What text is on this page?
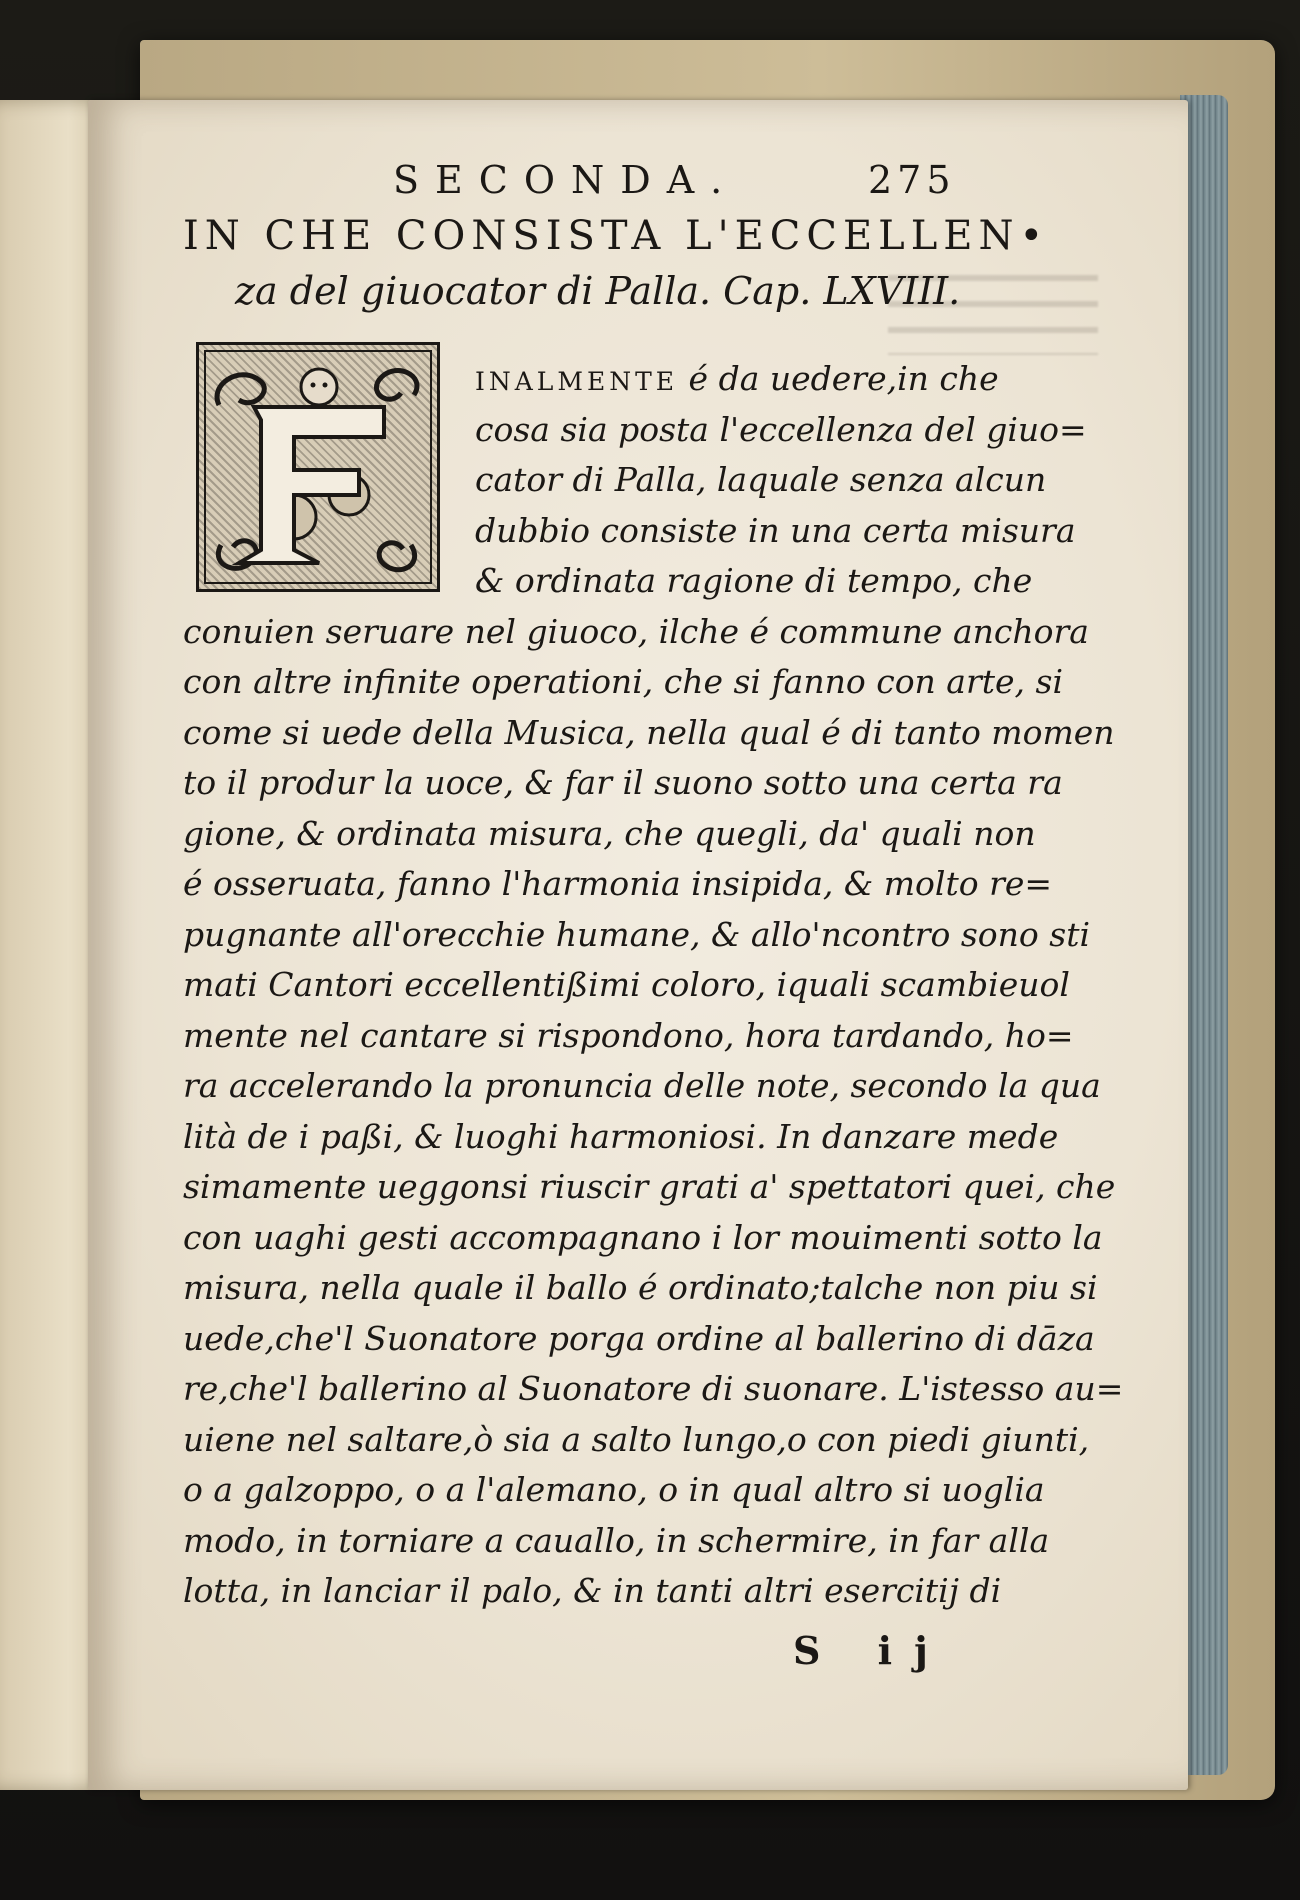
SECONDA.	275
IN CHE CONSISTA L'ECCELLEN•
za del giuocator di Palla. Cap. LXVIII.
INALMENTE é da uedere,in che
cosa sia posta l'eccellenza del giuo=
cator di Palla, laquale senza alcun
dubbio consiste in una certa misura
& ordinata ragione di tempo, che
conuien seruare nel giuoco, ilche é commune anchora
con altre infinite operationi, che si fanno con arte, si
come si uede della Musica, nella qual é di tanto momen
to il produr la uoce, & far il suono sotto una certa ra
gione, & ordinata misura, che quegli, da' quali non
é osseruata, fanno l'harmonia insipida, & molto re=
pugnante all'orecchie humane, & allo'ncontro sono sti
mati Cantori eccellentißimi coloro, iquali scambieuol
mente nel cantare si rispondono, hora tardando, ho=
ra accelerando la pronuncia delle note, secondo la qua
lità de i paßi, & luoghi harmoniosi. In danzare mede
simamente ueggonsi riuscir grati a' spettatori quei, che
con uaghi gesti accompagnano i lor mouimenti sotto la
misura, nella quale il ballo é ordinato;talche non piu si
uede,che'l Suonatore porga ordine al ballerino di dāza
re,che'l ballerino al Suonatore di suonare. L'istesso au=
uiene nel saltare,ò sia a salto lungo,o con piedi giunti,
o a galzoppo, o a l'alemano, o in qual altro si uoglia
modo, in torniare a cauallo, in schermire, in far alla
lotta, in lanciar il palo, & in tanti altri esercitij di
S ij
